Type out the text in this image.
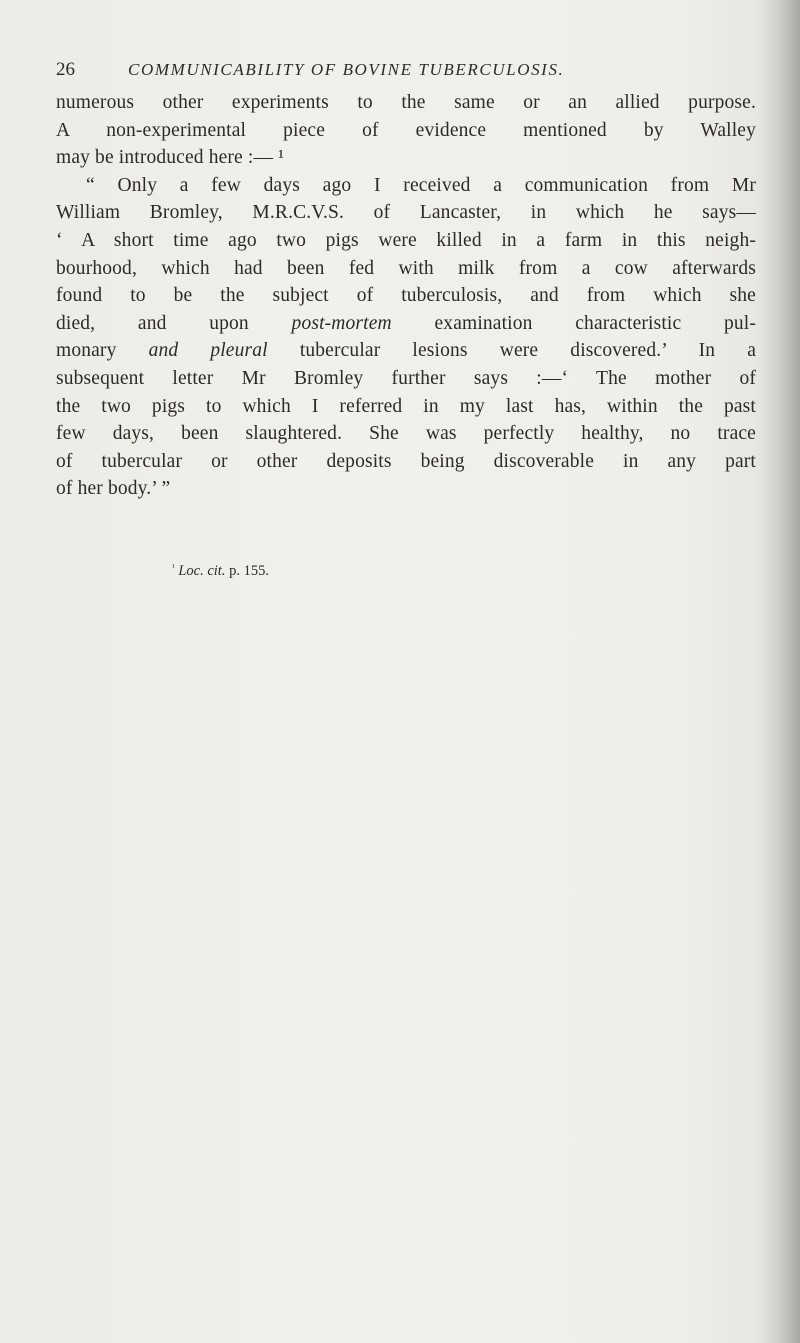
26	COMMUNICABILITY OF BOVINE TUBERCULOSIS.
numerous other experiments to the same or an allied purpose.
A non-experimental piece of evidence mentioned by Walley
may be introduced here :— ¹
“ Only a few days ago I received a communication from Mr
William Bromley, M.R.C.V.S. of Lancaster, in which he says—
‘ A short time ago two pigs were killed in a farm in this neigh-
bourhood, which had been fed with milk from a cow afterwards
found to be the subject of tuberculosis, and from which she
died, and upon post-mortem examination characteristic pul-
monary and pleural tubercular lesions were discovered.’ In a
subsequent letter Mr Bromley further says :—‘ The mother of
the two pigs to which I referred in my last has, within the past
few days, been slaughtered. She was perfectly healthy, no trace
of tubercular or other deposits being discoverable in any part
of her body.’ ”
$^{^1}$ Loc. cit. p. 155.
